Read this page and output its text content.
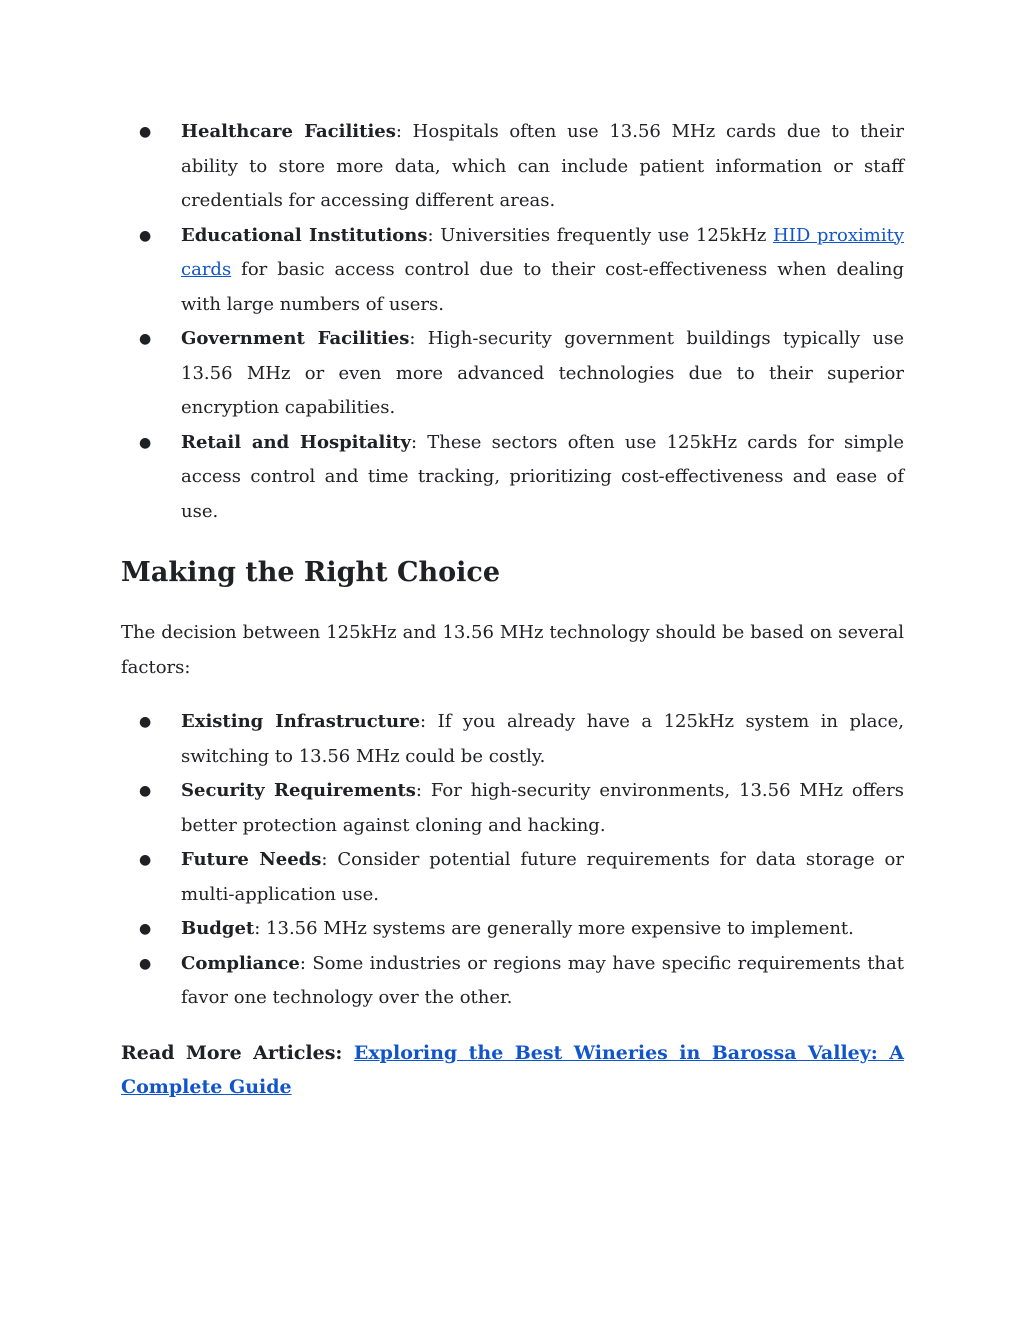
● Healthcare Facilities: Hospitals often use 13.56 MHz cards due to their ability to store more data, which can include patient information or staff credentials for accessing different areas.
● Educational Institutions: Universities frequently use 125kHz HID proximity cards for basic access control due to their cost-effectiveness when dealing with large numbers of users.
● Government Facilities: High-security government buildings typically use 13.56 MHz or even more advanced technologies due to their superior encryption capabilities.
● Retail and Hospitality: These sectors often use 125kHz cards for simple access control and time tracking, prioritizing cost-effectiveness and ease of use.
Making the Right Choice

The decision between 125kHz and 13.56 MHz technology should be based on several factors:

● Existing Infrastructure: If you already have a 125kHz system in place, switching to 13.56 MHz could be costly.
● Security Requirements: For high-security environments, 13.56 MHz offers better protection against cloning and hacking.
● Future Needs: Consider potential future requirements for data storage or multi-application use.
● Budget: 13.56 MHz systems are generally more expensive to implement.
● Compliance: Some industries or regions may have specific requirements that favor one technology over the other.

Read More Articles: Exploring the Best Wineries in Barossa Valley: A Complete Guide
